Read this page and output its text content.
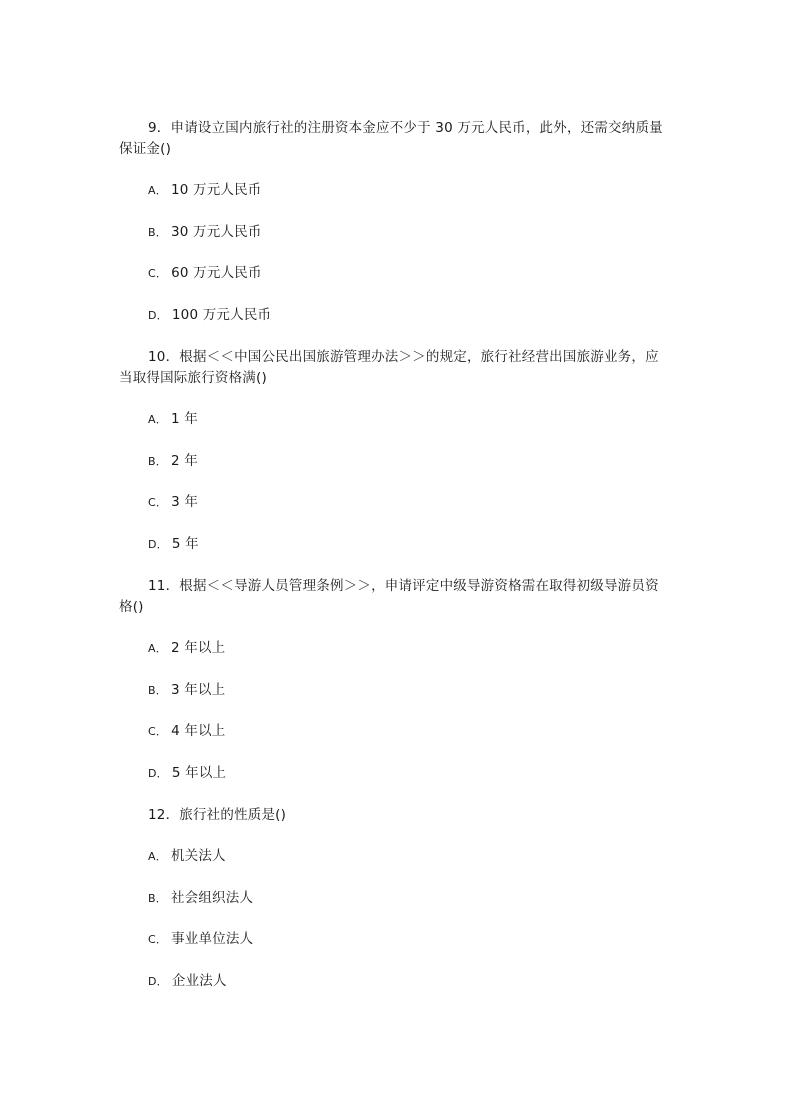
9．申请设立国内旅行社的注册资本金应不少于 30 万元人民币，此外，还需交纳质量保证金()
A． 10 万元人民币
B． 30 万元人民币
C． 60 万元人民币
D． 100 万元人民币
10．根据＜＜中国公民出国旅游管理办法＞＞的规定，旅行社经营出国旅游业务，应当取得国际旅行资格满()
A． 1 年
B． 2 年
C． 3 年
D． 5 年
11．根据＜＜导游人员管理条例＞＞，申请评定中级导游资格需在取得初级导游员资格()
A． 2 年以上
B． 3 年以上
C． 4 年以上
D． 5 年以上
12．旅行社的性质是()
A． 机关法人
B． 社会组织法人
C． 事业单位法人
D． 企业法人
